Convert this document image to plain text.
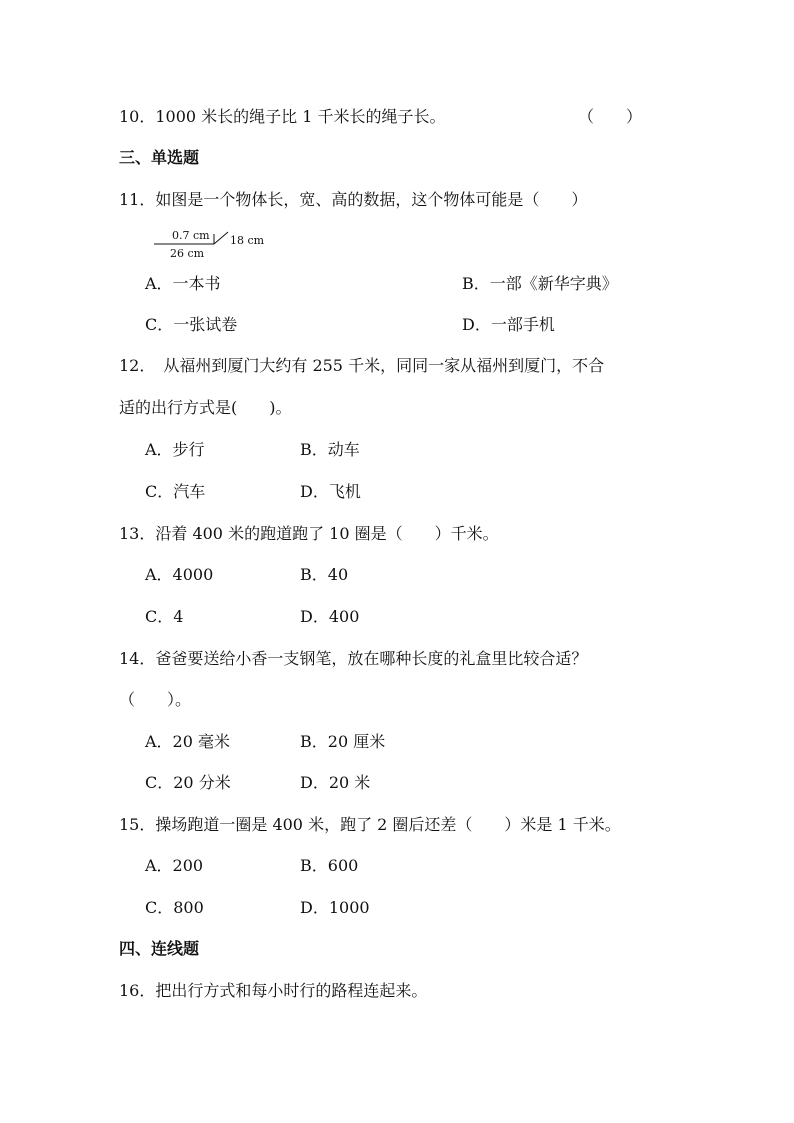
10．1000 米长的绳子比 1 千米长的绳子长。	（　　）
三、单选题
11．如图是一个物体长，宽、高的数据，这个物体可能是（　　）
0.7 cm 18 cm
26 cm
A．一本书	B．一部《新华字典》
C．一张试卷	D．一部手机
12．　从福州到厦门大约有 255 千米，同同一家从福州到厦门，不合
适的出行方式是(　　)。
A．步行	B．动车
C．汽车	D．飞机
13．沿着 400 米的跑道跑了 10 圈是（　　）千米。
A．4000	B．40
C．4	D．400
14．爸爸要送给小香一支钢笔，放在哪种长度的礼盒里比较合适？
（　　）。
A．20 毫米	B．20 厘米
C．20 分米	D．20 米
15．操场跑道一圈是 400 米，跑了 2 圈后还差（　　）米是 1 千米。
A．200	B．600
C．800	D．1000
四、连线题
16．把出行方式和每小时行的路程连起来。
